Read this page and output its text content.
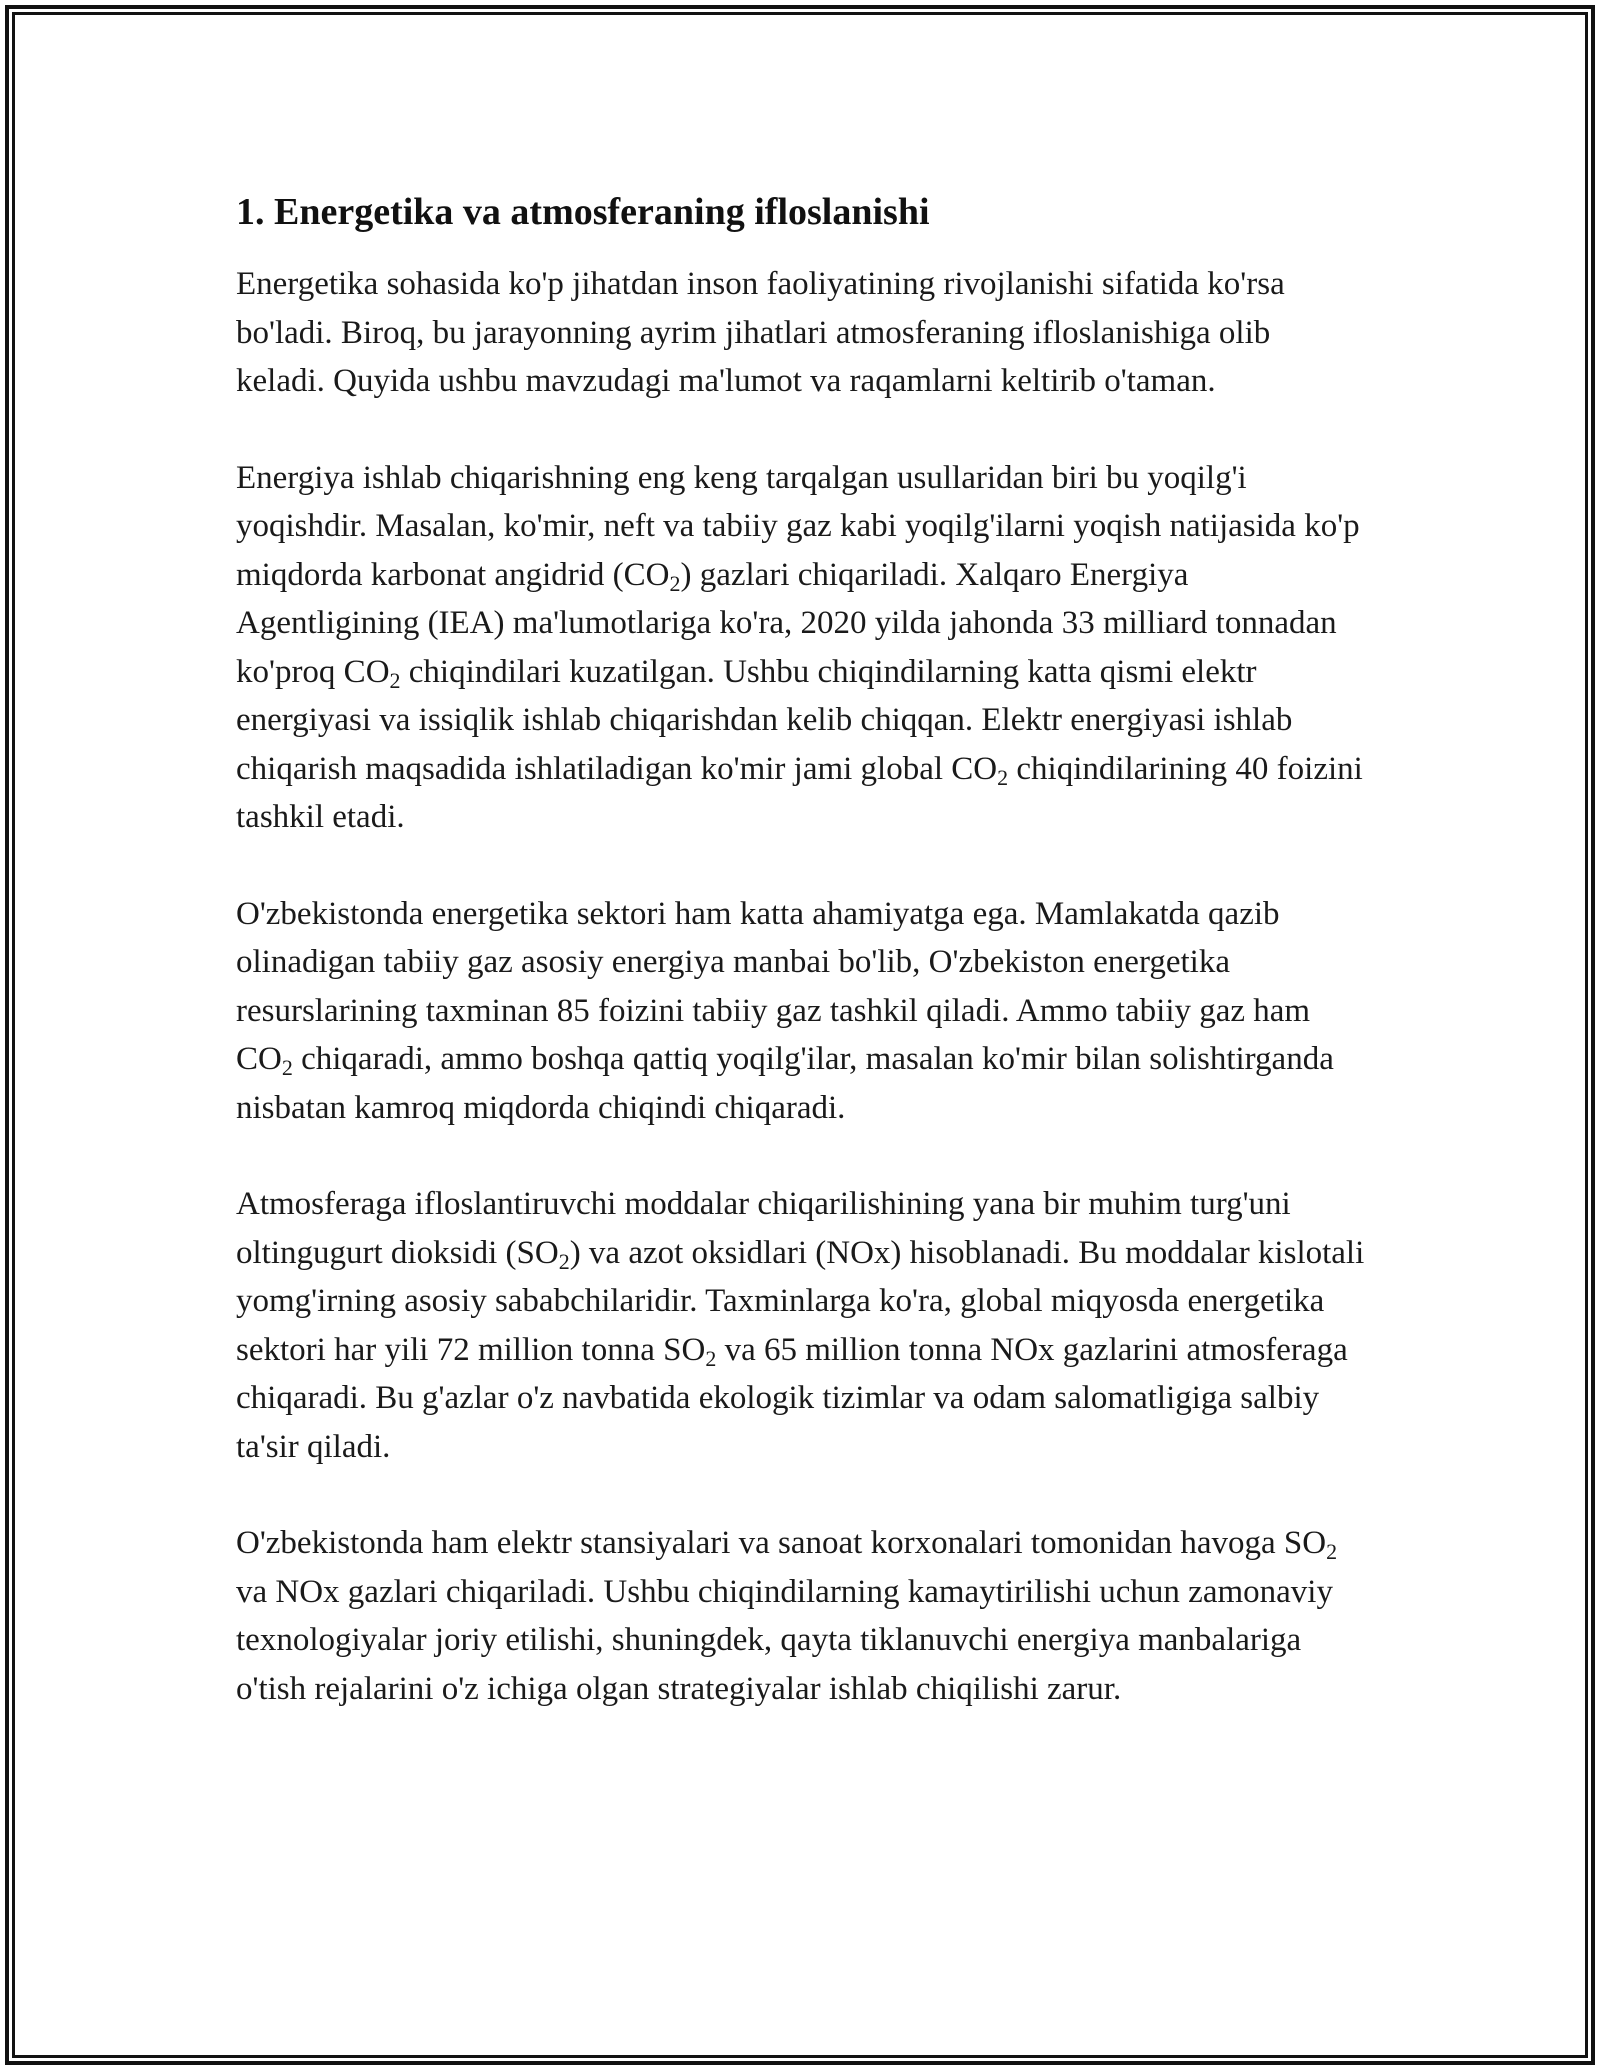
1. Energetika va atmosferaning ifloslanishi

Energetika sohasida ko'p jihatdan inson faoliyatining rivojlanishi sifatida ko'rsa bo'ladi. Biroq, bu jarayonning ayrim jihatlari atmosferaning ifloslanishiga olib keladi. Quyida ushbu mavzudagi ma'lumot va raqamlarni keltirib o'taman.

Energiya ishlab chiqarishning eng keng tarqalgan usullaridan biri bu yoqilg'i yoqishdir. Masalan, ko'mir, neft va tabiiy gaz kabi yoqilg'ilarni yoqish natijasida ko'p miqdorda karbonat angidrid $(CO_2)$ gazlari chiqariladi. Xalqaro Energiya Agentligining (IEA) ma'lumotlariga ko'ra, 2020 yilda jahonda 33 milliard tonnadan ko'proq $CO_2$ chiqindilari kuzatilgan. Ushbu chiqindilarning katta qismi elektr energiyasi va issiqlik ishlab chiqarishdan kelib chiqqan. Elektr energiyasi ishlab chiqarish maqsadida ishlatiladigan ko'mir jami global $CO_2$ chiqindilarining 40 foizini tashkil etadi.

O'zbekistonda energetika sektori ham katta ahamiyatga ega. Mamlakatda qazib olinadigan tabiiy gaz asosiy energiya manbai bo'lib, O'zbekiston energetika resurslarining taxminan 85 foizini tabiiy gaz tashkil qiladi. Ammo tabiiy gaz ham $CO_2$ chiqaradi, ammo boshqa qattiq yoqilg'ilar, masalan ko'mir bilan solishtirganda nisbatan kamroq miqdorda chiqindi chiqaradi.

Atmosferaga ifloslantiruvchi moddalar chiqarilishining yana bir muhim turg'uni oltingugurt dioksidi $(SO_2)$ va azot oksidlari (NOx) hisoblanadi. Bu moddalar kislotali yomg'irning asosiy sababchilaridir. Taxminlarga ko'ra, global miqyosda energetika sektori har yili 72 million tonna $SO_2$ va 65 million tonna NOx gazlarini atmosferaga chiqaradi. Bu g'azlar o'z navbatida ekologik tizimlar va odam salomatligiga salbiy ta'sir qiladi.

O'zbekistonda ham elektr stansiyalari va sanoat korxonalari tomonidan havoga $SO_2$ va NOx gazlari chiqariladi. Ushbu chiqindilarning kamaytirilishi uchun zamonaviy texnologiyalar joriy etilishi, shuningdek, qayta tiklanuvchi energiya manbalariga o'tish rejalarini o'z ichiga olgan strategiyalar ishlab chiqilishi zarur.
